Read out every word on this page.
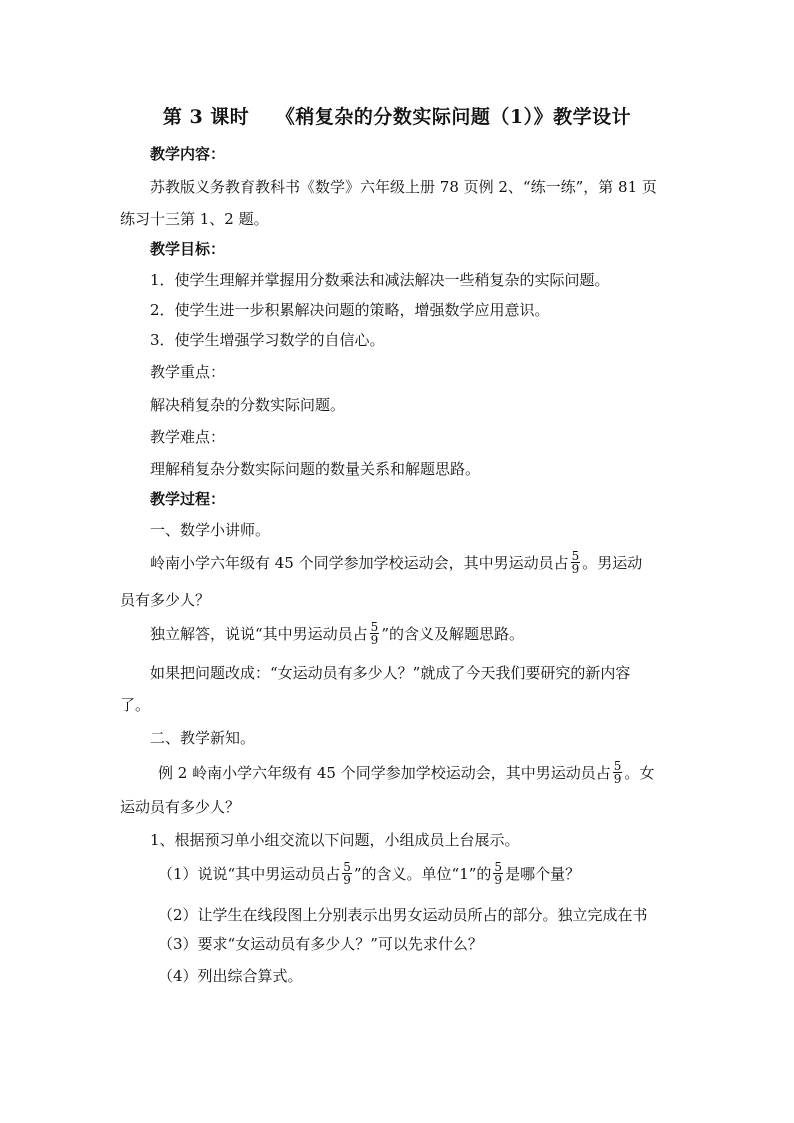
第 3 课时　 《稍复杂的分数实际问题（1）》教学设计
教学内容：
苏教版义务教育教科书《数学》六年级上册 78 页例 2、“练一练”，第 81 页
练习十三第 1、2 题。
教学目标：
1．使学生理解并掌握用分数乘法和减法解决一些稍复杂的实际问题。
2．使学生进一步积累解决问题的策略，增强数学应用意识。
3．使学生增强学习数学的自信心。
教学重点：
解决稍复杂的分数实际问题。
教学难点：
理解稍复杂分数实际问题的数量关系和解题思路。
教学过程：
一、数学小讲师。
岭南小学六年级有 45 个同学参加学校运动会，其中男运动员占 $\frac{5}{9}$ 。男运动
员有多少人？
独立解答，说说“其中男运动员占 $\frac{5}{9}$ ”的含义及解题思路。
如果把问题改成：“女运动员有多少人？”就成了今天我们要研究的新内容
了。
二、教学新知。
例 2 岭南小学六年级有 45 个同学参加学校运动会，其中男运动员占 $\frac{5}{9}$ 。女
运动员有多少人？
1、根据预习单小组交流以下问题，小组成员上台展示。
（1）说说“其中男运动员占 $\frac{5}{9}$ ”的含义。单位“1”的 $\frac{5}{9}$ 是哪个量？
（2）让学生在线段图上分别表示出男女运动员所占的部分。独立完成在书
（3）要求“女运动员有多少人？”可以先求什么？
（4）列出综合算式。
